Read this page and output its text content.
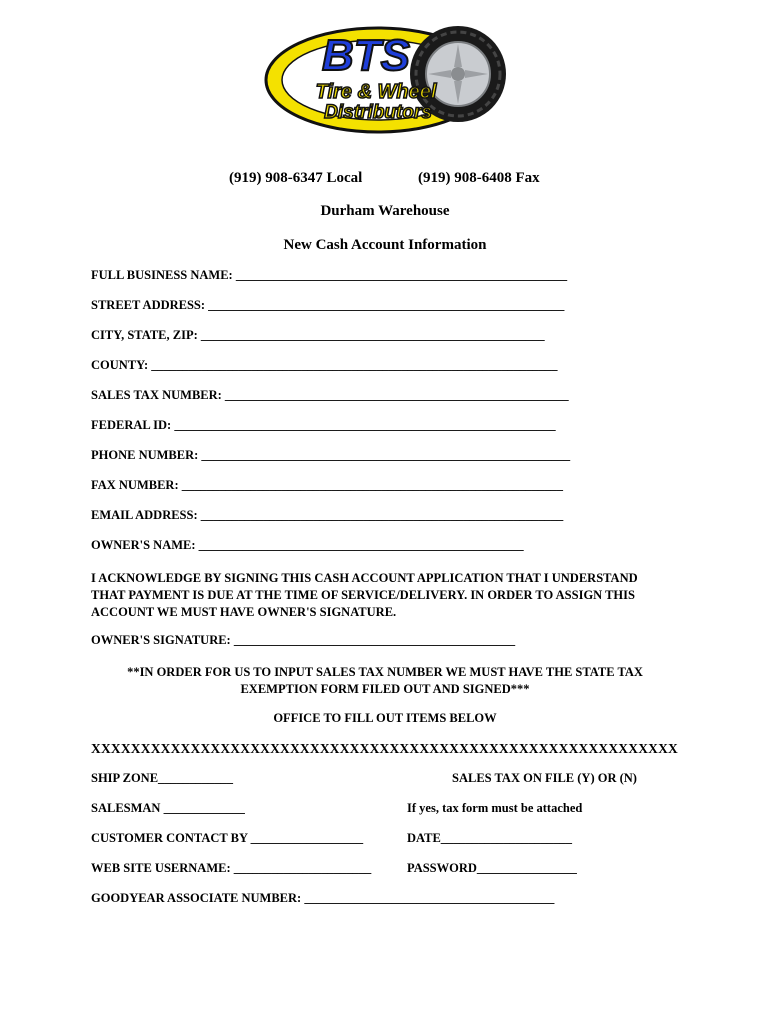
BTS
Tire & Wheel
Distributors
(919) 908-6347 Local	(919) 908-6408 Fax
Durham Warehouse
New Cash Account Information
FULL BUSINESS NAME: _____________________________________________________
STREET ADDRESS: _________________________________________________________
CITY, STATE, ZIP: _______________________________________________________
COUNTY: _________________________________________________________________
SALES TAX NUMBER: _______________________________________________________
FEDERAL ID: _____________________________________________________________
PHONE NUMBER: ___________________________________________________________
FAX NUMBER: _____________________________________________________________
EMAIL ADDRESS: __________________________________________________________
OWNER'S NAME: ____________________________________________________
I ACKNOWLEDGE BY SIGNING THIS CASH ACCOUNT APPLICATION THAT I UNDERSTAND THAT PAYMENT IS DUE AT THE TIME OF SERVICE/DELIVERY. IN ORDER TO ASSIGN THIS ACCOUNT WE MUST HAVE OWNER'S SIGNATURE.
OWNER'S SIGNATURE: _____________________________________________
**IN ORDER FOR US TO INPUT SALES TAX NUMBER WE MUST HAVE THE STATE TAX EXEMPTION FORM FILED OUT AND SIGNED***
OFFICE TO FILL OUT ITEMS BELOW
XXXXXXXXXXXXXXXXXXXXXXXXXXXXXXXXXXXXXXXXXXXXXXXXXXXXXXXXXXX
SHIP ZONE____________	SALES TAX ON FILE (Y) OR (N)
SALESMAN _____________	If yes, tax form must be attached
CUSTOMER CONTACT BY __________________	DATE_____________________
WEB SITE USERNAME: ______________________	PASSWORD________________
GOODYEAR ASSOCIATE NUMBER: ________________________________________
